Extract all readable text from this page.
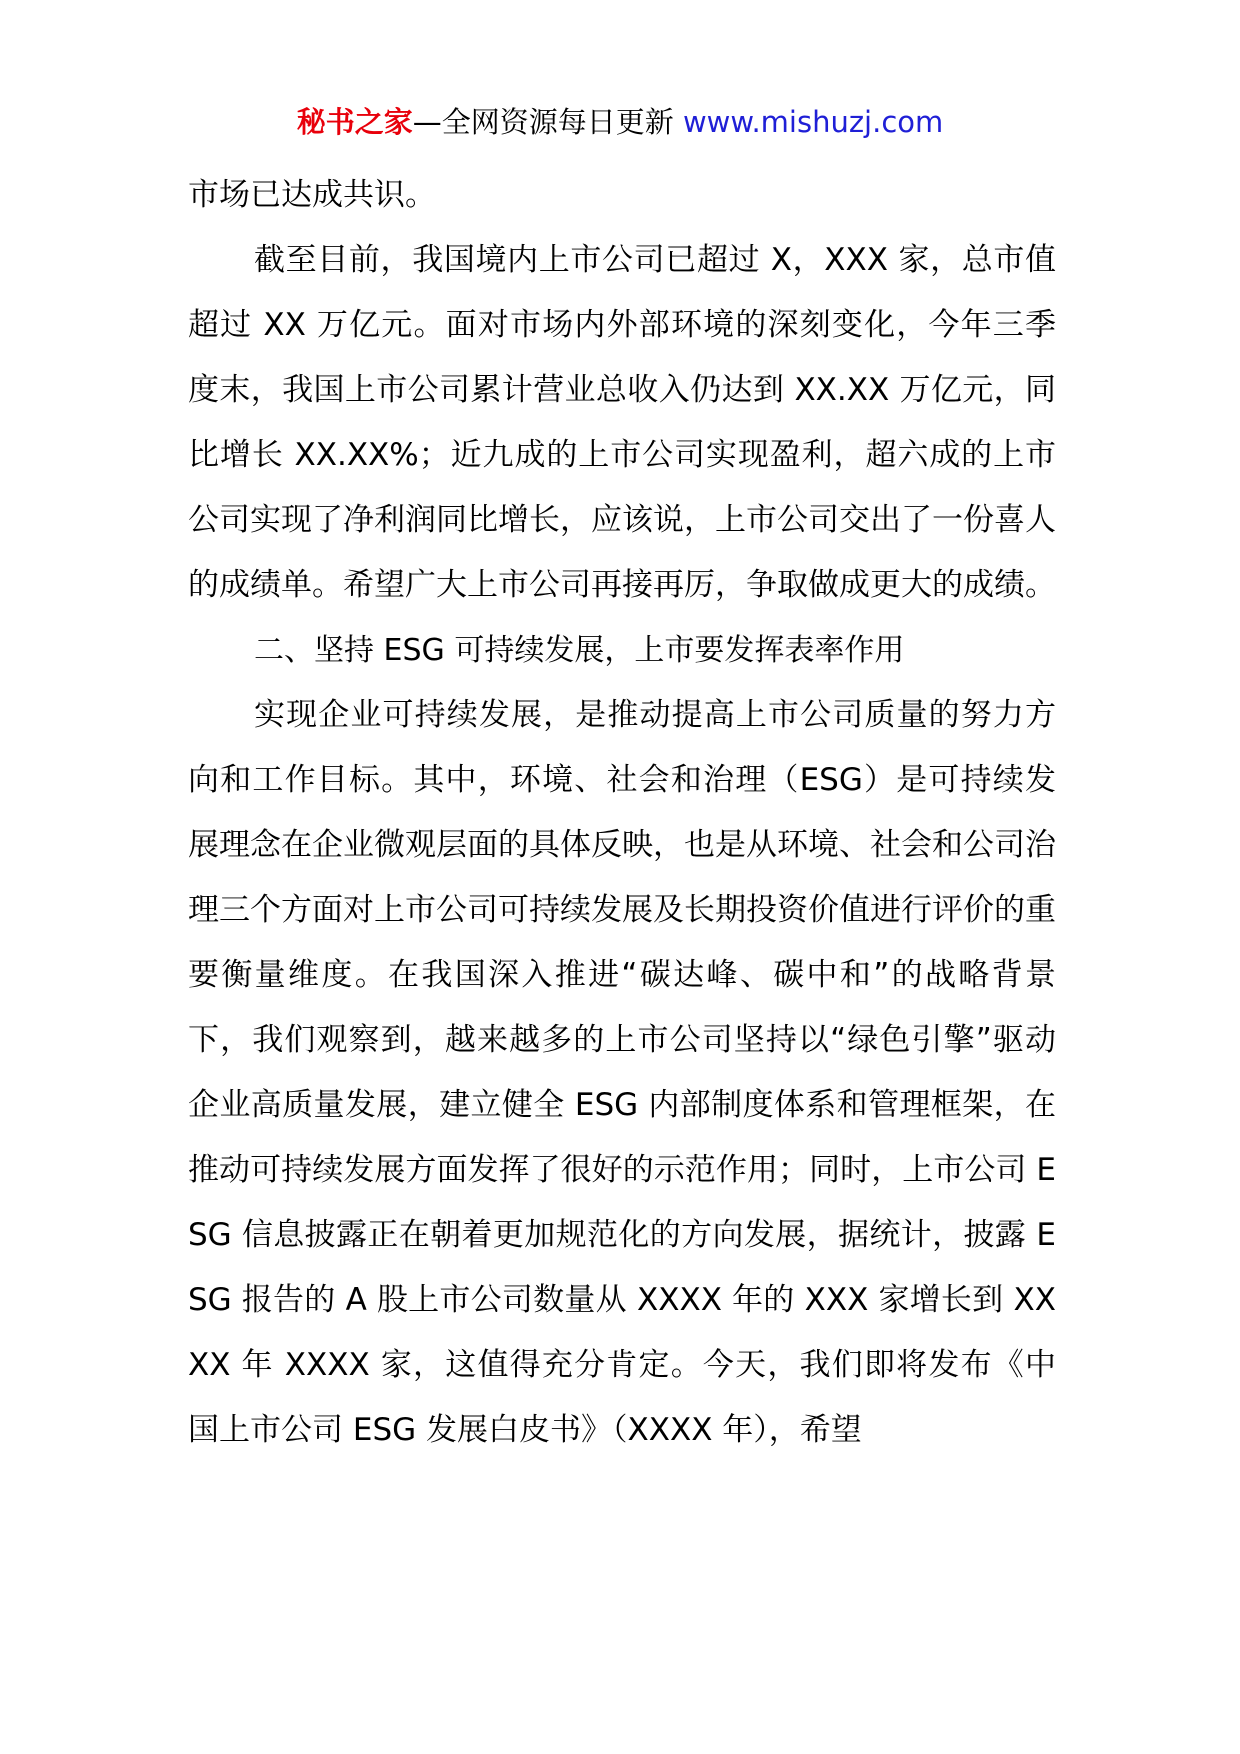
秘书之家—全网资源每日更新 www.mishuzj.com

市场已达成共识。

截至目前，我国境内上市公司已超过 X，XXX 家，总市值超过 XX 万亿元。面对市场内外部环境的深刻变化，今年三季度末，我国上市公司累计营业总收入仍达到 XX.XX 万亿元，同比增长 XX.XX%；近九成的上市公司实现盈利，超六成的上市公司实现了净利润同比增长，应该说，上市公司交出了一份喜人的成绩单。希望广大上市公司再接再厉，争取做成更大的成绩。

二、坚持 ESG 可持续发展，上市要发挥表率作用

实现企业可持续发展，是推动提高上市公司质量的努力方向和工作目标。其中，环境、社会和治理（ESG）是可持续发展理念在企业微观层面的具体反映，也是从环境、社会和公司治理三个方面对上市公司可持续发展及长期投资价值进行评价的重要衡量维度。在我国深入推进“碳达峰、碳中和”的战略背景下，我们观察到，越来越多的上市公司坚持以“绿色引擎”驱动企业高质量发展，建立健全 ESG 内部制度体系和管理框架，在推动可持续发展方面发挥了很好的示范作用；同时，上市公司 ESG 信息披露正在朝着更加规范化的方向发展，据统计，披露 ESG 报告的 A 股上市公司数量从 XXXX 年的 XXX 家增长到 XXXX 年 XXXX 家，这值得充分肯定。今天，我们即将发布《中国上市公司 ESG 发展白皮书》（XXXX 年），希望
